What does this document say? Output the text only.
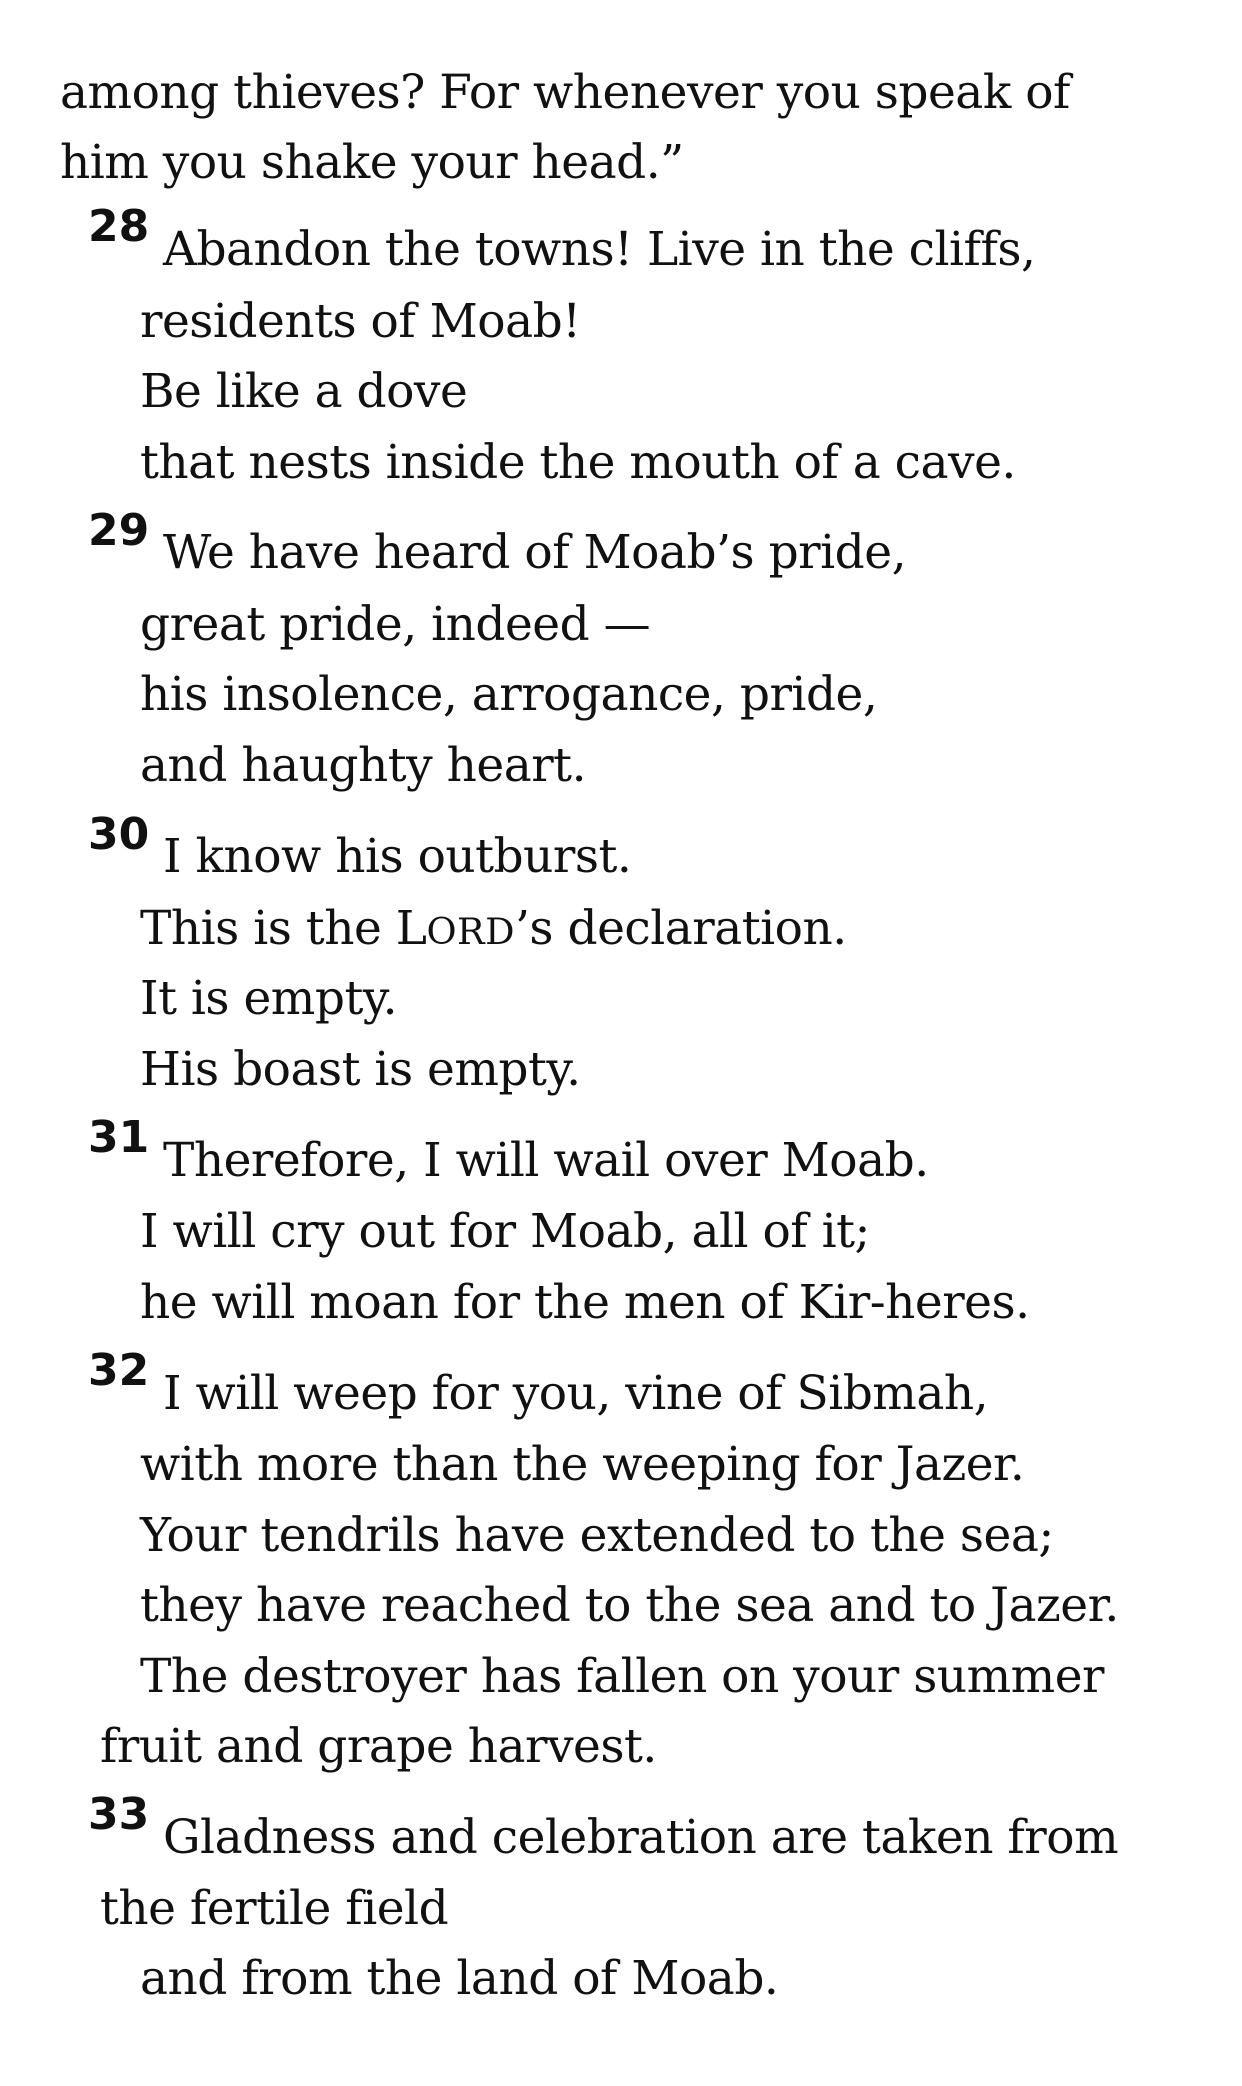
among thieves? For whenever you speak of
him you shake your head.”
28 Abandon the towns! Live in the cliffs,
residents of Moab!
Be like a dove
that nests inside the mouth of a cave.
29 We have heard of Moab’s pride,
great pride, indeed —
his insolence, arrogance, pride,
and haughty heart.
30 I know his outburst.
This is the LORD’s declaration.
It is empty.
His boast is empty.
31 Therefore, I will wail over Moab.
I will cry out for Moab, all of it;
he will moan for the men of Kir-heres.
32 I will weep for you, vine of Sibmah,
with more than the weeping for Jazer.
Your tendrils have extended to the sea;
they have reached to the sea and to Jazer.
The destroyer has fallen on your summer
fruit and grape harvest.
33 Gladness and celebration are taken from
the fertile field
and from the land of Moab.
